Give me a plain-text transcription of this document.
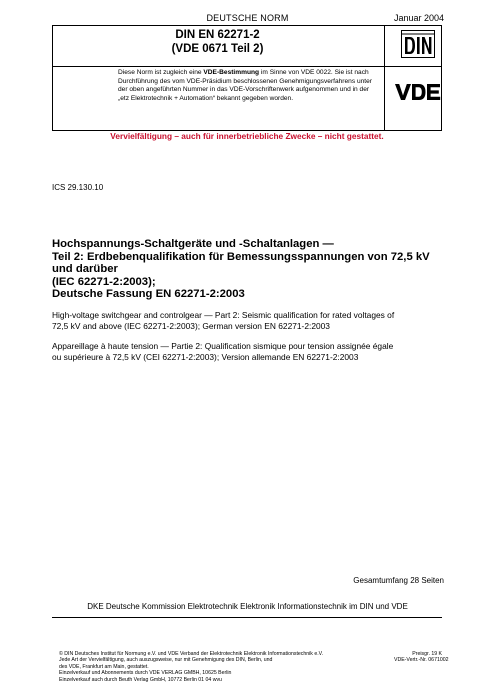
DEUTSCHE NORM	Januar 2004
DIN EN 62271-2
(VDE 0671 Teil 2)
Diese Norm ist zugleich eine VDE-Bestimmung im Sinne von VDE 0022. Sie ist nach Durchführung des vom VDE-Präsidium beschlossenen Genehmigungsverfahrens unter der oben angeführten Nummer in das VDE-Vorschriftenwerk aufgenommen und in der „etz Elektrotechnik + Automation“ bekannt gegeben worden.
Vervielfältigung – auch für innerbetriebliche Zwecke – nicht gestattet.
ICS 29.130.10
Hochspannungs-Schaltgeräte und -Schaltanlagen —
Teil 2: Erdbebenqualifikation für Bemessungsspannungen von 72,5 kV
und darüber
(IEC 62271-2:2003);
Deutsche Fassung EN 62271-2:2003
High-voltage switchgear and controlgear — Part 2: Seismic qualification for rated voltages of
72,5 kV and above (IEC 62271-2:2003); German version EN 62271-2:2003
Appareillage à haute tension — Partie 2: Qualification sismique pour tension assignée égale
ou supérieure à 72,5 kV (CEI 62271-2:2003); Version allemande EN 62271-2:2003
Gesamtumfang 28 Seiten
DKE Deutsche Kommission Elektrotechnik Elektronik Informationstechnik im DIN und VDE
© DIN Deutsches Institut für Normung e.V. und VDE Verband der Elektrotechnik Elektronik Informationstechnik e.V.
Jede Art der Vervielfältigung, auch auszugsweise, nur mit Genehmigung des DIN, Berlin, und
des VDE, Frankfurt am Main, gestattet.
Einzelverkauf und Abonnements durch VDE VERLAG GMBH, 10625 Berlin
Einzelverkauf auch durch Beuth Verlag GmbH, 10772 Berlin 01 04 wvu
Preisgr. 19 K
VDE-Vertr.-Nr. 0671002
